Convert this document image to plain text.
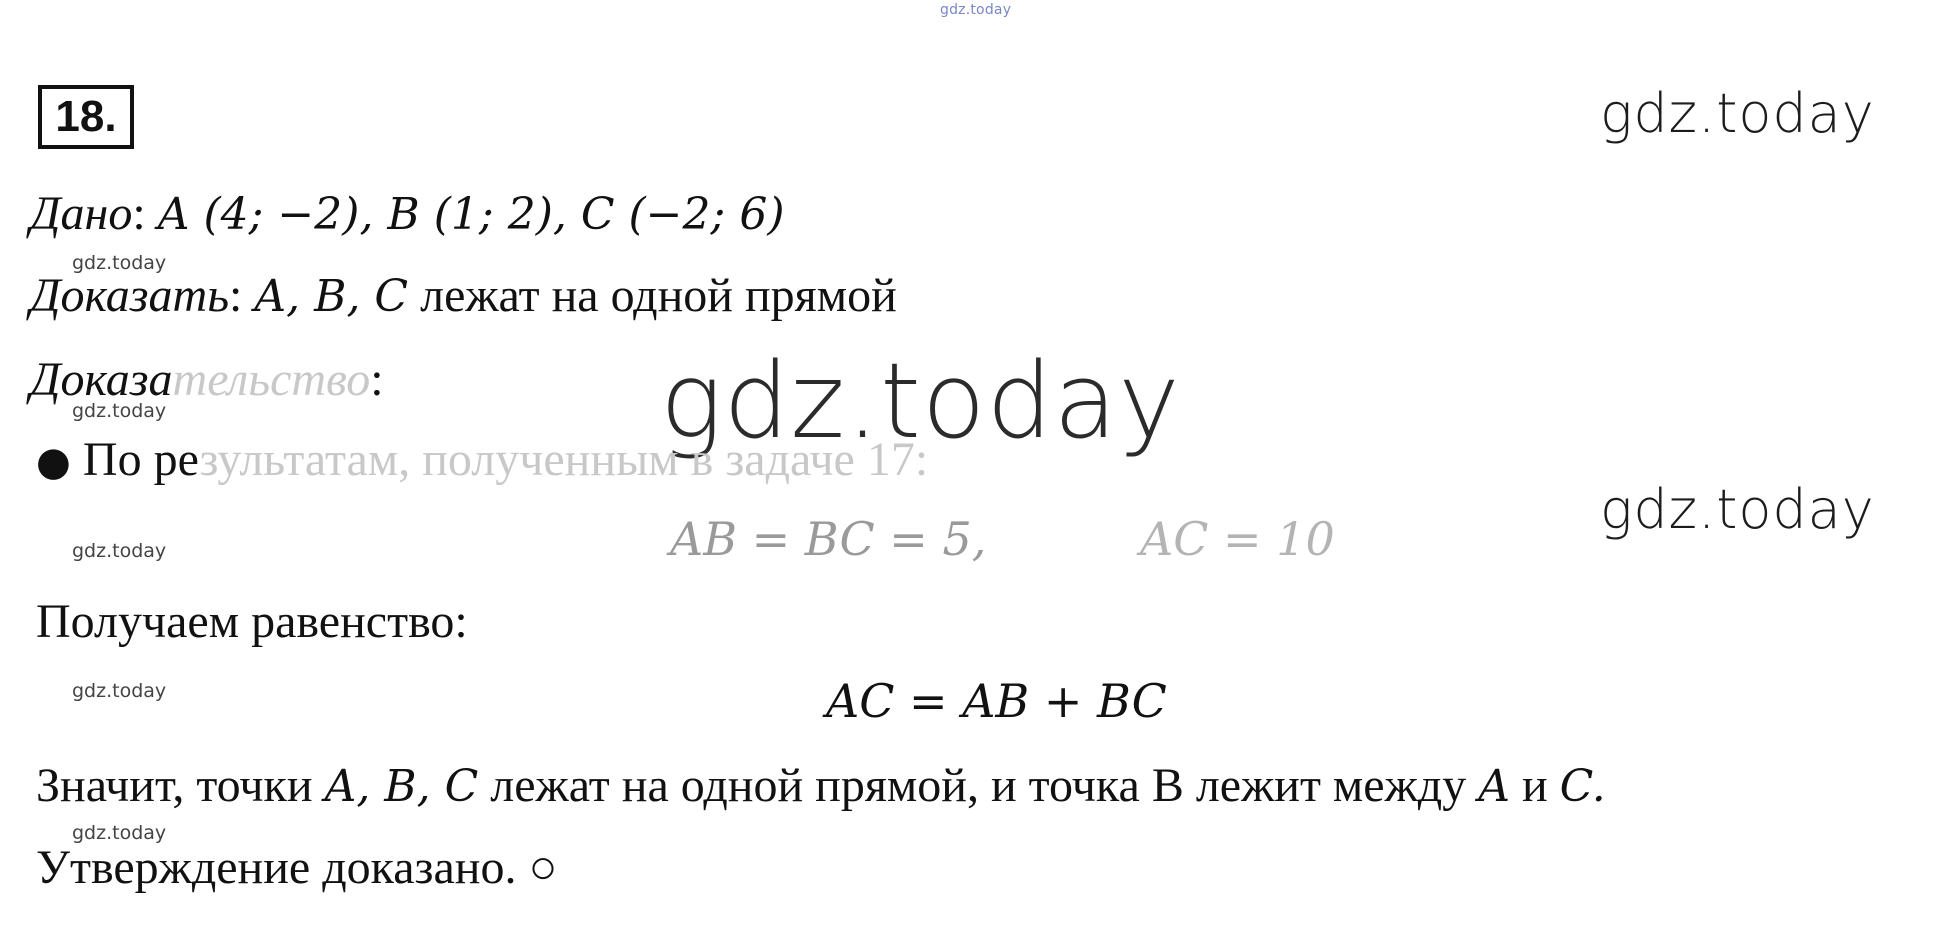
gdz.today
18.	gdz.today
gdz.today
Дано: A (4; −2), B (1; 2), C (−2; 6)
gdz.today
Доказать: A, B, C лежат на одной прямой
Доказательство:
gdz.today	gdz.today
● По результатам, полученным в задаче 17:
gdz.today	AB = BC = 5,	AC = 10
Получаем равенство:
gdz.today	AC = AB + BC
Значит, точки A, B, C лежат на одной прямой, и точка В лежит между A и C.
gdz.today
Утверждение доказано. ○
